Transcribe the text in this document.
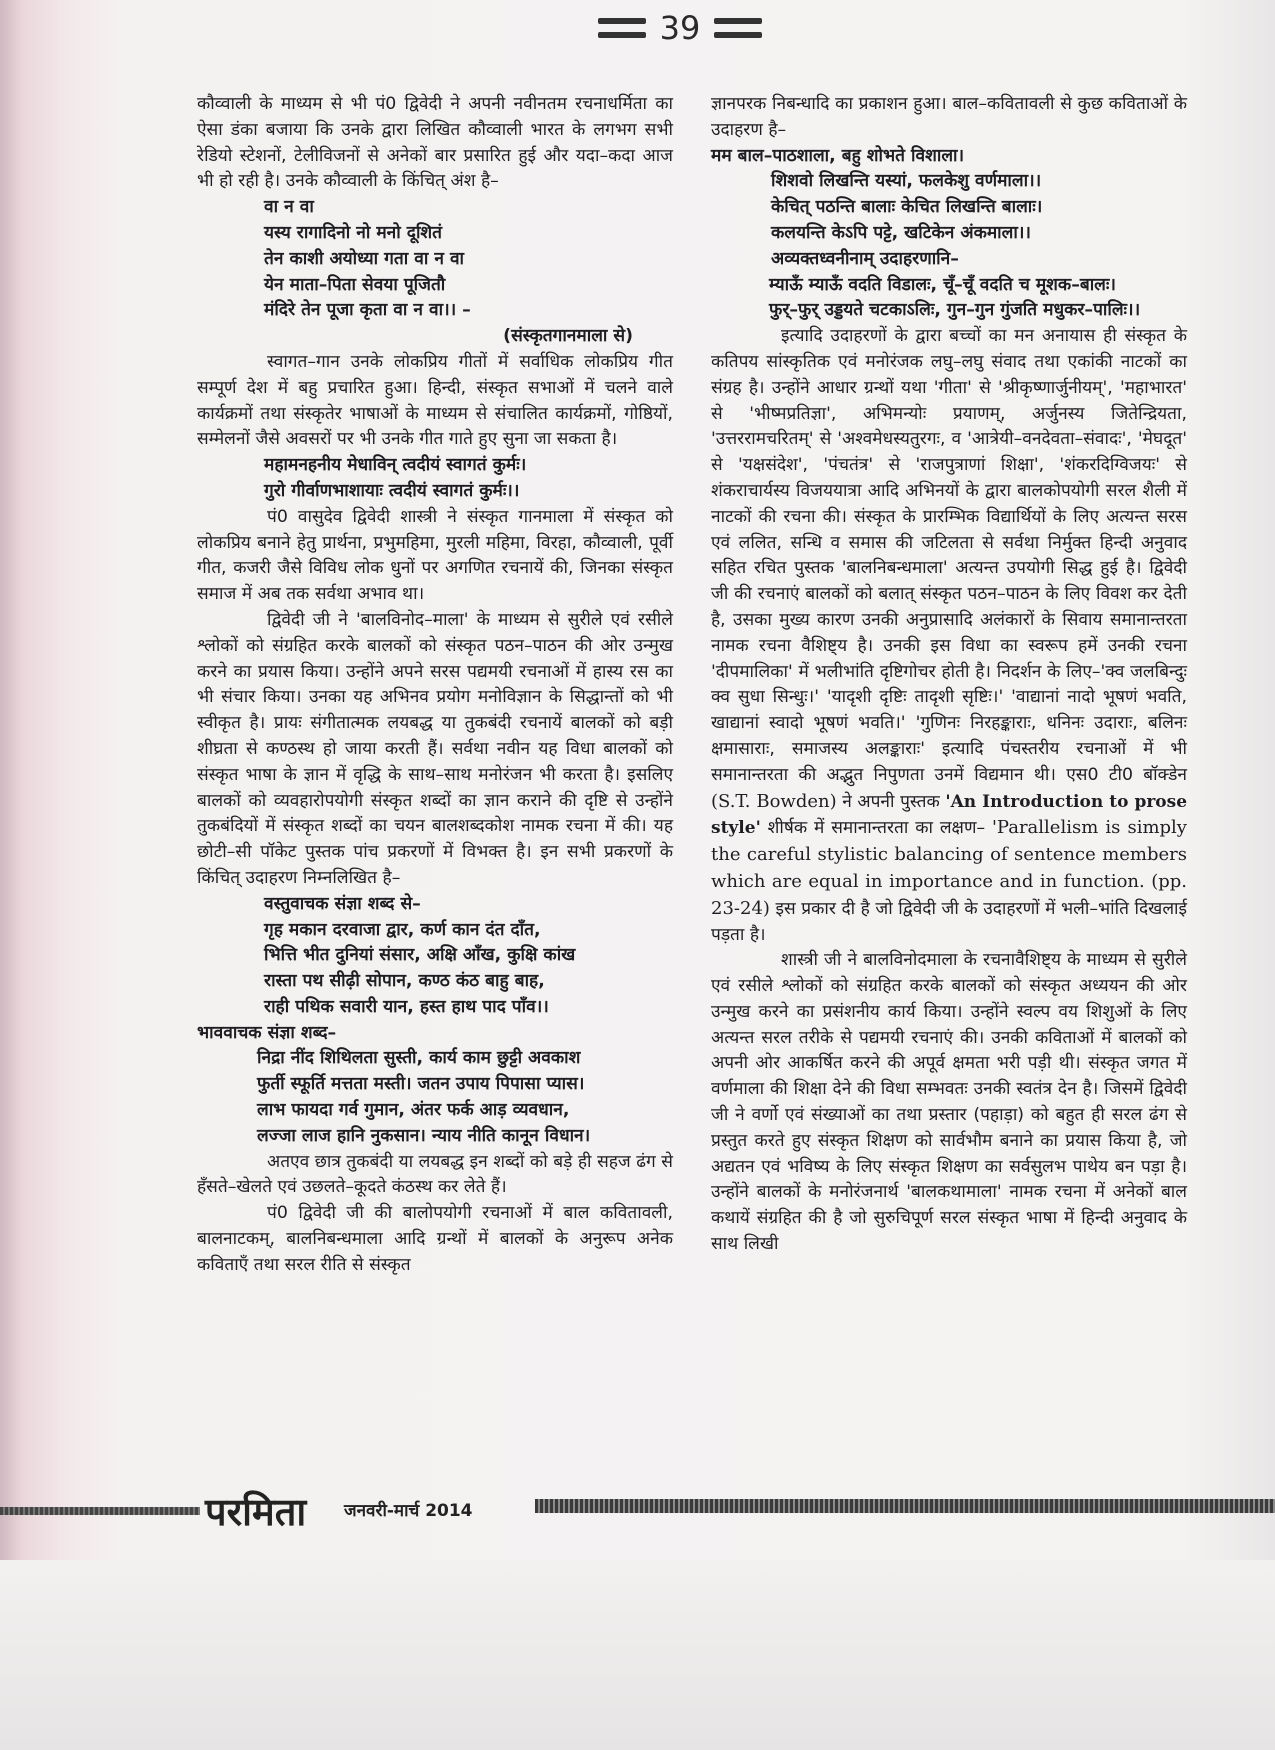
39

कौव्वाली के माध्यम से भी पं0 द्विवेदी ने अपनी नवीनतम रचनाधर्मिता का ऐसा डंका बजाया कि उनके द्वारा लिखित कौव्वाली भारत के लगभग सभी रेडियो स्टेशनों, टेलीविजनों से अनेकों बार प्रसारित हुई और यदा–कदा आज भी हो रही है। उनके कौव्वाली के किंचित् अंश है–

वा न वा

यस्य रागादिनो नो मनो दूशितं

तेन काशी अयोध्या गता वा न वा

येन माता–पिता सेवया पूजितौ

मंदिरे तेन पूजा कृता वा न वा।। –

(संस्कृतगानमाला से)

स्वागत–गान उनके लोकप्रिय गीतों में सर्वाधिक लोकप्रिय गीत सम्पूर्ण देश में बहु प्रचारित हुआ। हिन्दी, संस्कृत सभाओं में चलने वाले कार्यक्रमों तथा संस्कृतेर भाषाओं के माध्यम से संचालित कार्यक्रमों, गोष्ठियों, सम्मेलनों जैसे अवसरों पर भी उनके गीत गाते हुए सुना जा सकता है।

महामनहनीय मेधाविन् त्वदीयं स्वागतं कुर्मः।

गुरो गीर्वाणभाशायाः त्वदीयं स्वागतं कुर्मः।।

पं0 वासुदेव द्विवेदी शास्त्री ने संस्कृत गानमाला में संस्कृत को लोकप्रिय बनाने हेतु प्रार्थना, प्रभुमहिमा, मुरली महिमा, विरहा, कौव्वाली, पूर्वी गीत, कजरी जैसे विविध लोक धुनों पर अगणित रचनायें की, जिनका संस्कृत समाज में अब तक सर्वथा अभाव था।

द्विवेदी जी ने 'बालविनोद–माला' के माध्यम से सुरीले एवं रसीले श्लोकों को संग्रहित करके बालकों को संस्कृत पठन–पाठन की ओर उन्मुख करने का प्रयास किया। उन्होंने अपने सरस पद्यमयी रचनाओं में हास्य रस का भी संचार किया। उनका यह अभिनव प्रयोग मनोविज्ञान के सिद्धान्तों को भी स्वीकृत है। प्रायः संगीतात्मक लयबद्ध या तुकबंदी रचनायें बालकों को बड़ी शीघ्रता से कण्ठस्थ हो जाया करती हैं। सर्वथा नवीन यह विधा बालकों को संस्कृत भाषा के ज्ञान में वृद्धि के साथ–साथ मनोरंजन भी करता है। इसलिए बालकों को व्यवहारोपयोगी संस्कृत शब्दों का ज्ञान कराने की दृष्टि से उन्होंने तुकबंदियों में संस्कृत शब्दों का चयन बालशब्दकोश नामक रचना में की। यह छोटी–सी पॉकेट पुस्तक पांच प्रकरणों में विभक्त है। इन सभी प्रकरणों के किंचित् उदाहरण निम्नलिखित है–

वस्तुवाचक संज्ञा शब्द से–

गृह मकान दरवाजा द्वार, कर्ण कान दंत दाँत,

भित्ति भीत दुनियां संसार, अक्षि आँख, कुक्षि कांख

रास्ता पथ सीढ़ी सोपान, कण्ठ कंठ बाहु बाह,

राही पथिक सवारी यान, हस्त हाथ पाद पाँव।।

भाववाचक संज्ञा शब्द–

निद्रा नींद शिथिलता सुस्ती, कार्य काम छुट्टी अवकाश

फुर्ती स्फूर्ति मत्तता मस्ती। जतन उपाय पिपासा प्यास।

लाभ फायदा गर्व गुमान, अंतर फर्क आड़ व्यवधान,

लज्जा लाज हानि नुकसान। न्याय नीति कानून विधान।

अतएव छात्र तुकबंदी या लयबद्ध इन शब्दों को बड़े ही सहज ढंग से हँसते–खेलते एवं उछलते–कूदते कंठस्थ कर लेते हैं।

पं0 द्विवेदी जी की बालोपयोगी रचनाओं में बाल कवितावली, बालनाटकम्, बालनिबन्धमाला आदि ग्रन्थों में बालकों के अनुरूप अनेक कविताएँ तथा सरल रीति से संस्कृत

ज्ञानपरक निबन्धादि का प्रकाशन हुआ। बाल–कवितावली से कुछ कविताओं के उदाहरण है–

मम बाल–पाठशाला, बहु शोभते विशाला।

शिशवो लिखन्ति यस्यां, फलकेशु वर्णमाला।।

केचित् पठन्ति बालाः केचित लिखन्ति बालाः।

कलयन्ति केऽपि पट्टे, खटिकेन अंकमाला।।

अव्यक्तध्वनीनाम् उदाहरणानि–

म्याऊँ म्याऊँ वदति विडालः, चूँ–चूँ वदति च मूशक–बालः।

फुर्–फुर् उड्डयते चटकाऽलिः, गुन–गुन गुंजति मधुकर–पालिः।।

इत्यादि उदाहरणों के द्वारा बच्चों का मन अनायास ही संस्कृत के कतिपय सांस्कृतिक एवं मनोरंजक लघु–लघु संवाद तथा एकांकी नाटकों का संग्रह है। उन्होंने आधार ग्रन्थों यथा 'गीता' से 'श्रीकृष्णार्जुनीयम्', 'महाभारत' से 'भीष्मप्रतिज्ञा', अभिमन्योः प्रयाणम्, अर्जुनस्य जितेन्द्रियता, 'उत्तररामचरितम्' से 'अश्वमेधस्यतुरगः, व 'आत्रेयी–वनदेवता–संवादः', 'मेघदूत' से 'यक्षसंदेश', 'पंचतंत्र' से 'राजपुत्राणां शिक्षा', 'शंकरदिग्विजयः' से शंकराचार्यस्य विजययात्रा आदि अभिनयों के द्वारा बालकोपयोगी सरल शैली में नाटकों की रचना की। संस्कृत के प्रारम्भिक विद्यार्थियों के लिए अत्यन्त सरस एवं ललित, सन्धि व समास की जटिलता से सर्वथा निर्मुक्त हिन्दी अनुवाद सहित रचित पुस्तक 'बालनिबन्धमाला' अत्यन्त उपयोगी सिद्ध हुई है। द्विवेदी जी की रचनाएं बालकों को बलात् संस्कृत पठन–पाठन के लिए विवश कर देती है, उसका मुख्य कारण उनकी अनुप्रासादि अलंकारों के सिवाय समानान्तरता नामक रचना वैशिष्ट्य है। उनकी इस विधा का स्वरूप हमें उनकी रचना 'दीपमालिका' में भलीभांति दृष्टिगोचर होती है। निदर्शन के लिए–'क्व जलबिन्दुः क्व सुधा सिन्धुः।' 'यादृशी दृष्टिः तादृशी सृष्टिः।' 'वाद्यानां नादो भूषणं भवति, खाद्यानां स्वादो भूषणं भवति।' 'गुणिनः निरहङ्काराः, धनिनः उदाराः, बलिनः क्षमासाराः, समाजस्य अलङ्काराः' इत्यादि पंचस्तरीय रचनाओं में भी समानान्तरता की अद्भुत निपुणता उनमें विद्यमान थी। एस0 टी0 बॉक्डेन (S.T. Bowden) ने अपनी पुस्तक 'An Introduction to prose style' शीर्षक में समानान्तरता का लक्षण– 'Parallelism is simply the careful stylistic balancing of sentence members which are equal in importance and in function. (pp. 23-24) इस प्रकार दी है जो द्विवेदी जी के उदाहरणों में भली–भांति दिखलाई पड़ता है।

शास्त्री जी ने बालविनोदमाला के रचनावैशिष्ट्य के माध्यम से सुरीले एवं रसीले श्लोकों को संग्रहित करके बालकों को संस्कृत अध्ययन की ओर उन्मुख करने का प्रसंशनीय कार्य किया। उन्होंने स्वल्प वय शिशुओं के लिए अत्यन्त सरल तरीके से पद्यमयी रचनाएं की। उनकी कविताओं में बालकों को अपनी ओर आकर्षित करने की अपूर्व क्षमता भरी पड़ी थी। संस्कृत जगत में वर्णमाला की शिक्षा देने की विधा सम्भवतः उनकी स्वतंत्र देन है। जिसमें द्विवेदी जी ने वर्णो एवं संख्याओं का तथा प्रस्तार (पहाड़ा) को बहुत ही सरल ढंग से प्रस्तुत करते हुए संस्कृत शिक्षण को सार्वभौम बनाने का प्रयास किया है, जो अद्यतन एवं भविष्य के लिए संस्कृत शिक्षण का सर्वसुलभ पाथेय बन पड़ा है। उन्होंने बालकों के मनोरंजनार्थ 'बालकथामाला' नामक रचना में अनेकों बाल कथायें संग्रहित की है जो सुरुचिपूर्ण सरल संस्कृत भाषा में हिन्दी अनुवाद के साथ लिखी

परमिता जनवरी-मार्च 2014
